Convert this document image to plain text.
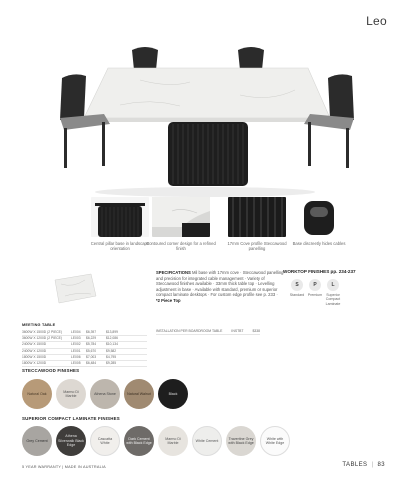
Leo
Central pillar base in landscape orientation
Contoured corner design for a refined finish
17mm Cove profile Steccawood panelling
Base discreetly hides cables
SPECIFICATIONS Mil base with 17mm cove · Steccawood panelling and precision for integrated cable management · Variety of Steccawood finishes available · 33mm thick table top · Levelling adjustment in base · Available with standard, premium or superior compact laminate desktops · For custom edge profile see p. 233 ·
*2 Piece Top
WORKTOP FINISHES pp. 234-237
S	P	L
Standard Premium	Superior Compact Laminate
MEETING TABLE
3600W X 1500D (2 PIECE)	LE004	$6,397	$13,899
3600W X 1200D (2 PIECE)	LE003	$6,229	$12,086
2400W X 1500D	LE002	$5,784	$10,134
2400W X 1200D	LE001	$5,670	$9,582
1800W X 1500D	LE006	$7,003	$4,795
1800W X 1200D	LE005	$6,484	$9,285
INSTALLATION PER BOARDROOM TABLE	INSTBT	$338
STECCAWOOD FINISHES
Natural Oak
Marmo Di Marble
Athena Stone	Natural Walnut	Black
SUPERIOR COMPACT LAMINATE FINISHES
Grey Cement
Athena Silverwalk Black Edge
Cascatta White
Dark Cement with Black Edge
Marmo Di Marble
White Cement
Travertine Grey with Black Edge
White with White Edge
5 YEAR WARRANTY | MADE IN AUSTRALIA	TABLES | 83
